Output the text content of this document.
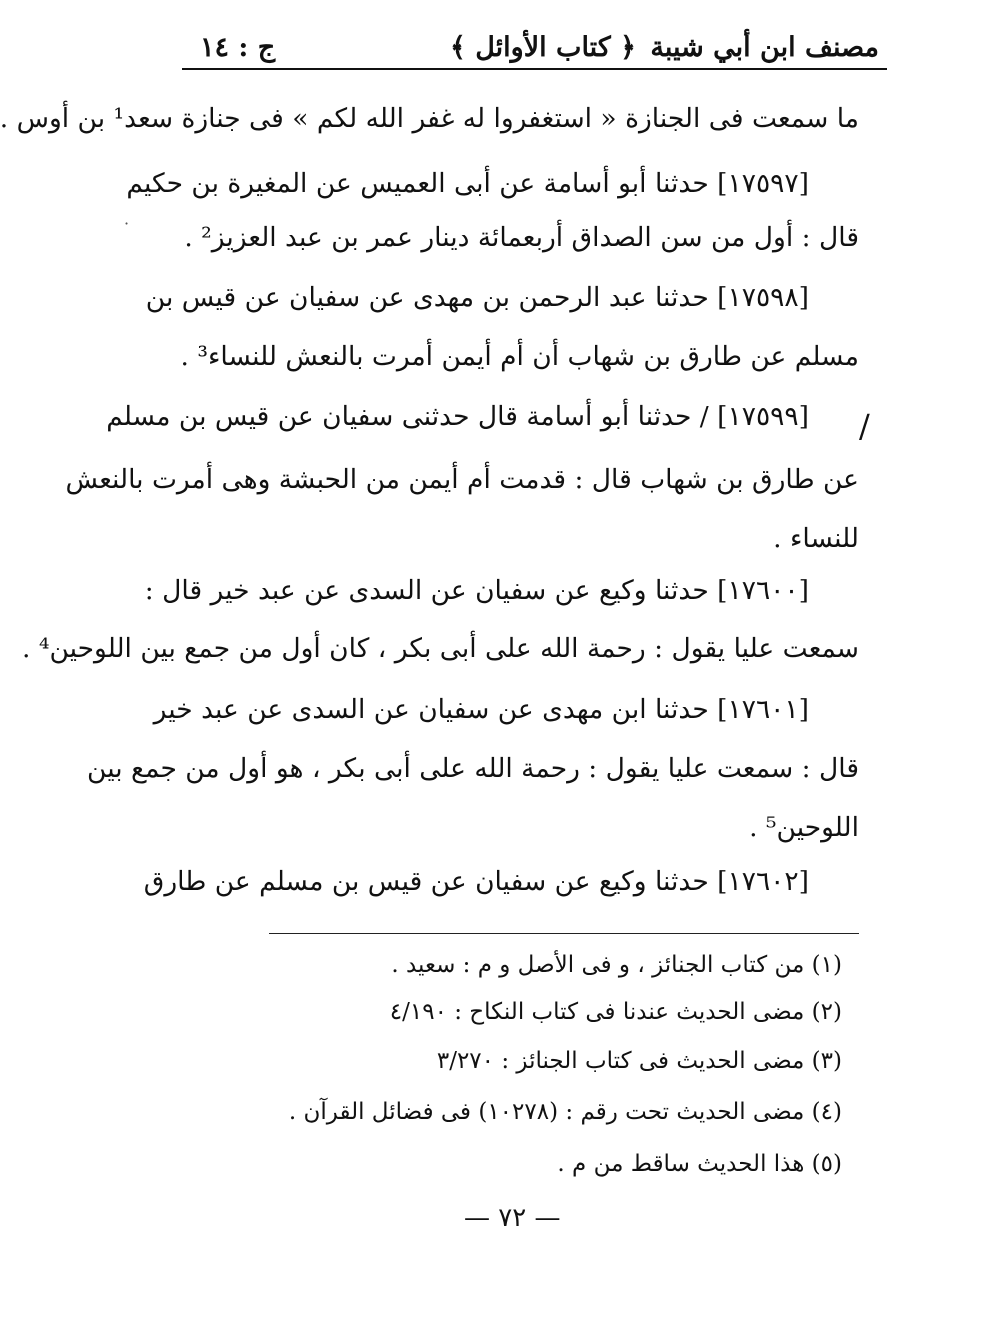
مصنف ابن أبي شيبة
﴿ كتاب الأوائل ﴾
ج : ١٤
ما سمعت فى الجنازة « استغفروا له غفر الله لكم » فى جنازة سعد¹ بن أوس .
[١٧٥٩٧] حدثنا أبو أسامة عن أبى العميس عن المغيرة بن حكيم
قال : أول من سن الصداق أربعمائة دينار عمر بن عبد العزيز² .
[١٧٥٩٨] حدثنا عبد الرحمن بن مهدى عن سفيان عن قيس بن
مسلم عن طارق بن شهاب أن أم أيمن أمرت بالنعش للنساء³ .
[١٧٥٩٩] / حدثنا أبو أسامة قال حدثنى سفيان عن قيس بن مسلم
عن طارق بن شهاب قال : قدمت أم أيمن من الحبشة وهى أمرت بالنعش
للنساء .
[١٧٦٠٠] حدثنا وكيع عن سفيان عن السدى عن عبد خير قال :
سمعت عليا يقول : رحمة الله على أبى بكر ، كان أول من جمع بين اللوحين⁴ .
[١٧٦٠١] حدثنا ابن مهدى عن سفيان عن السدى عن عبد خير
قال : سمعت عليا يقول : رحمة الله على أبى بكر ، هو أول من جمع بين
اللوحين⁵ .
[١٧٦٠٢] حدثنا وكيع عن سفيان عن قيس بن مسلم عن طارق
/
·
(١) من كتاب الجنائز ، و فى الأصل و م : سعيد .
(٢) مضى الحديث عندنا فى كتاب النكاح : ٤/١٩٠
(٣) مضى الحديث فى كتاب الجنائز : ٣/٢٧٠
(٤) مضى الحديث تحت رقم : (١٠٢٧٨) فى فضائل القرآن .
(٥) هذا الحديث ساقط من م .
— ٧٢ —
